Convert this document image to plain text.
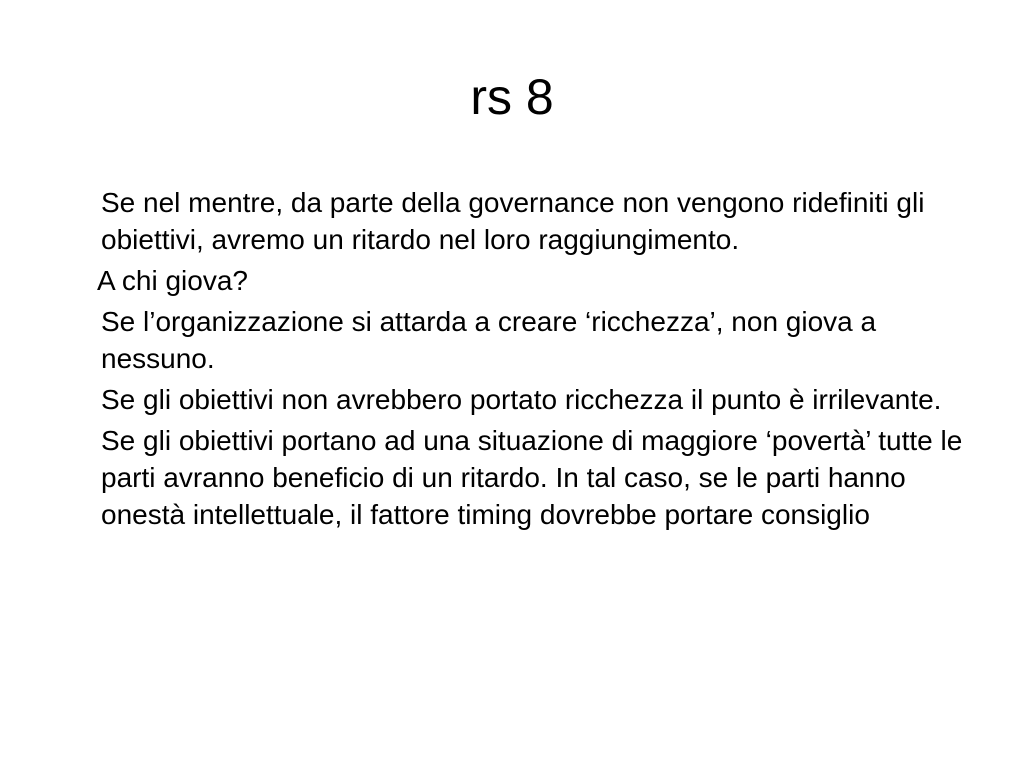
rs 8

Se nel mentre, da parte della governance non vengono ridefiniti gli obiettivi, avremo un ritardo nel loro raggiungimento.

A chi giova?

Se l’organizzazione si attarda a creare ‘ricchezza’, non giova a nessuno.

Se gli obiettivi non avrebbero portato ricchezza il punto è irrilevante.

Se gli obiettivi portano ad una situazione di maggiore ‘povertà’ tutte le parti avranno beneficio di un ritardo. In tal caso, se le parti hanno onestà intellettuale, il fattore timing dovrebbe portare consiglio
